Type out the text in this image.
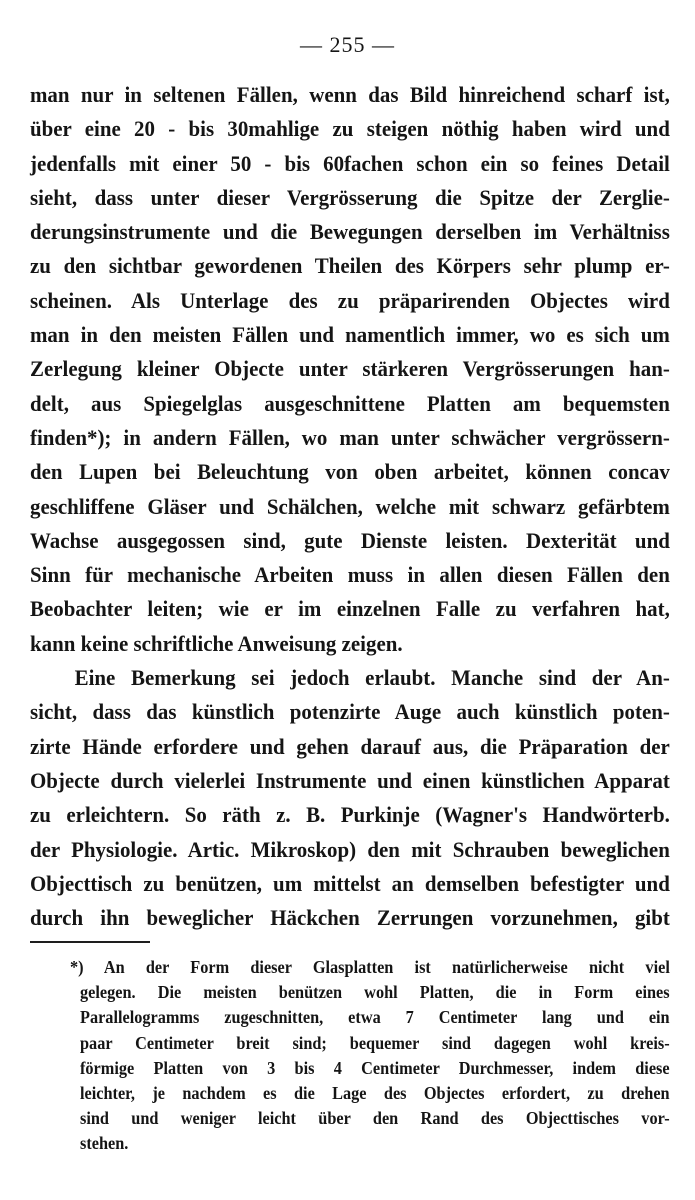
— 255 —
man nur in seltenen Fällen, wenn das Bild hinreichend scharf ist,
über eine 20 - bis 30mahlige zu steigen nöthig haben wird und
jedenfalls mit einer 50 - bis 60fachen schon ein so feines Detail
sieht, dass unter dieser Vergrösserung die Spitze der Zerglie-
derungsinstrumente und die Bewegungen derselben im Verhältniss
zu den sichtbar gewordenen Theilen des Körpers sehr plump er-
scheinen. Als Unterlage des zu präparirenden Objectes wird
man in den meisten Fällen und namentlich immer, wo es sich um
Zerlegung kleiner Objecte unter stärkeren Vergrösserungen han-
delt, aus Spiegelglas ausgeschnittene Platten am bequemsten
finden*); in andern Fällen, wo man unter schwächer vergrössern-
den Lupen bei Beleuchtung von oben arbeitet, können concav
geschliffene Gläser und Schälchen, welche mit schwarz gefärbtem
Wachse ausgegossen sind, gute Dienste leisten. Dexterität und
Sinn für mechanische Arbeiten muss in allen diesen Fällen den
Beobachter leiten; wie er im einzelnen Falle zu verfahren hat,
kann keine schriftliche Anweisung zeigen.
Eine Bemerkung sei jedoch erlaubt. Manche sind der An-
sicht, dass das künstlich potenzirte Auge auch künstlich poten-
zirte Hände erfordere und gehen darauf aus, die Präparation der
Objecte durch vielerlei Instrumente und einen künstlichen Apparat
zu erleichtern. So räth z. B. Purkinje (Wagner's Handwörterb.
der Physiologie. Artic. Mikroskop) den mit Schrauben beweglichen
Objecttisch zu benützen, um mittelst an demselben befestigter und
durch ihn beweglicher Häckchen Zerrungen vorzunehmen, gibt
*) An der Form dieser Glasplatten ist natürlicherweise nicht viel
gelegen. Die meisten benützen wohl Platten, die in Form eines
Parallelogramms zugeschnitten, etwa 7 Centimeter lang und ein
paar Centimeter breit sind; bequemer sind dagegen wohl kreis-
förmige Platten von 3 bis 4 Centimeter Durchmesser, indem diese
leichter, je nachdem es die Lage des Objectes erfordert, zu drehen
sind und weniger leicht über den Rand des Objecttisches vor-
stehen.
